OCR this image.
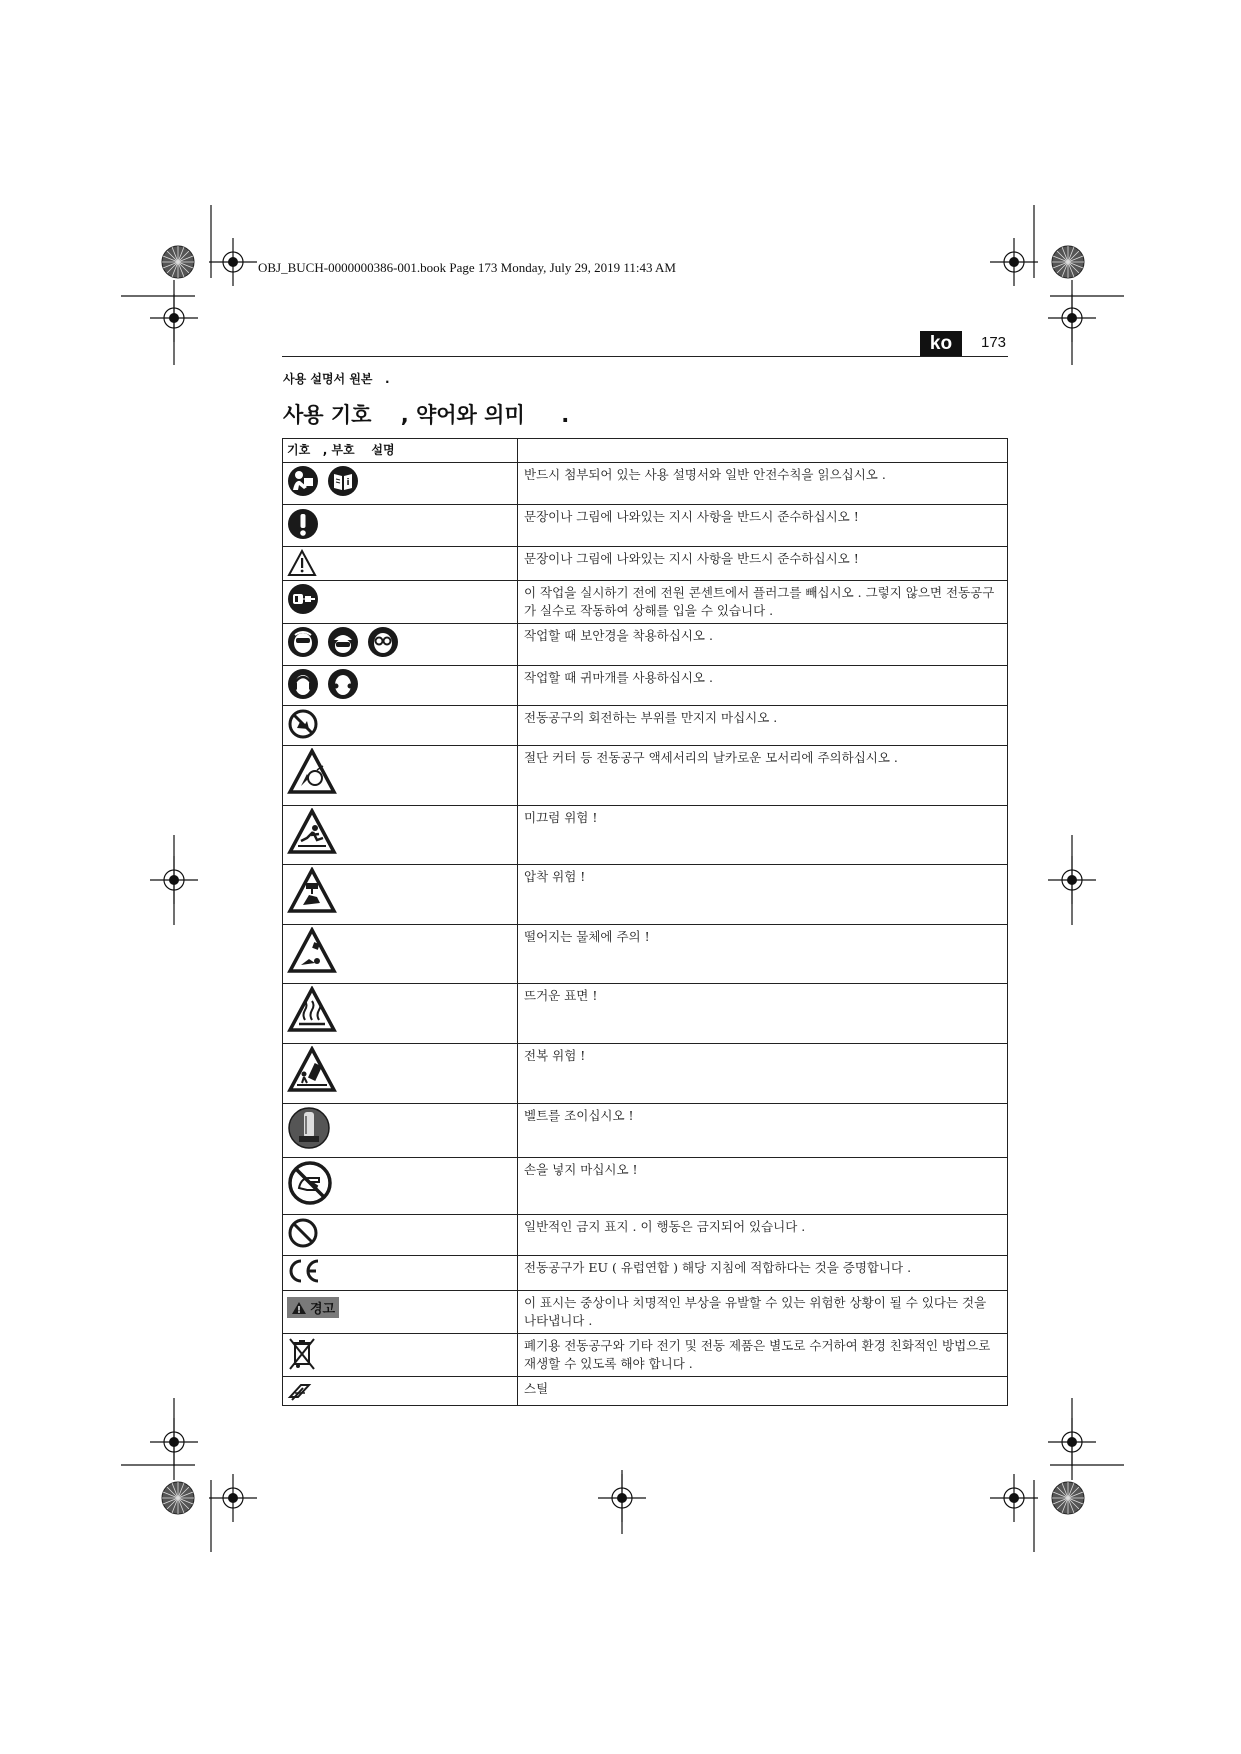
OBJ_BUCH-0000000386-001.book Page 173 Monday, July 29, 2019 11:43 AM
ko	173
사용 설명서 원본   .
사용 기호    , 약어와 의미     .
기호   , 부호    설명	

i	반드시 첨부되어 있는 사용 설명서와 일반 안전수칙을 읽으십시오 .

	문장이나 그림에 나와있는 지시 사항을 반드시 준수하십시오 !

	문장이나 그림에 나와있는 지시 사항을 반드시 준수하십시오 !

	이 작업을 실시하기 전에 전원 콘센트에서 플러그를 빼십시오 . 그렇지 않으면 전동공구가 실수로 작동하여 상해를 입을 수 있습니다 .

	작업할 때 보안경을 착용하십시오 .

	작업할 때 귀마개를 사용하십시오 .

	전동공구의 회전하는 부위를 만지지 마십시오 .

	절단 커터 등 전동공구 액세서리의 날카로운 모서리에 주의하십시오 .

	미끄럼 위험 !

	압착 위험 !

	떨어지는 물체에 주의 !

	뜨거운 표면 !

	전복 위험 !

	벨트를 조이십시오 !

	손을 넣지 마십시오 !

	일반적인 금지 표지 . 이 행동은 금지되어 있습니다 .

	전동공구가 EU ( 유럽연합 ) 해당 지침에 적합하다는 것을 증명합니다 .

경고	이 표시는 중상이나 치명적인 부상을 유발할 수 있는 위험한 상황이 될 수 있다는 것을 나타냅니다 .

	폐기용 전동공구와 기타 전기 및 전동 제품은 별도로 수거하여 환경 친화적인 방법으로 재생할 수 있도록 해야 합니다 .

	스틸
